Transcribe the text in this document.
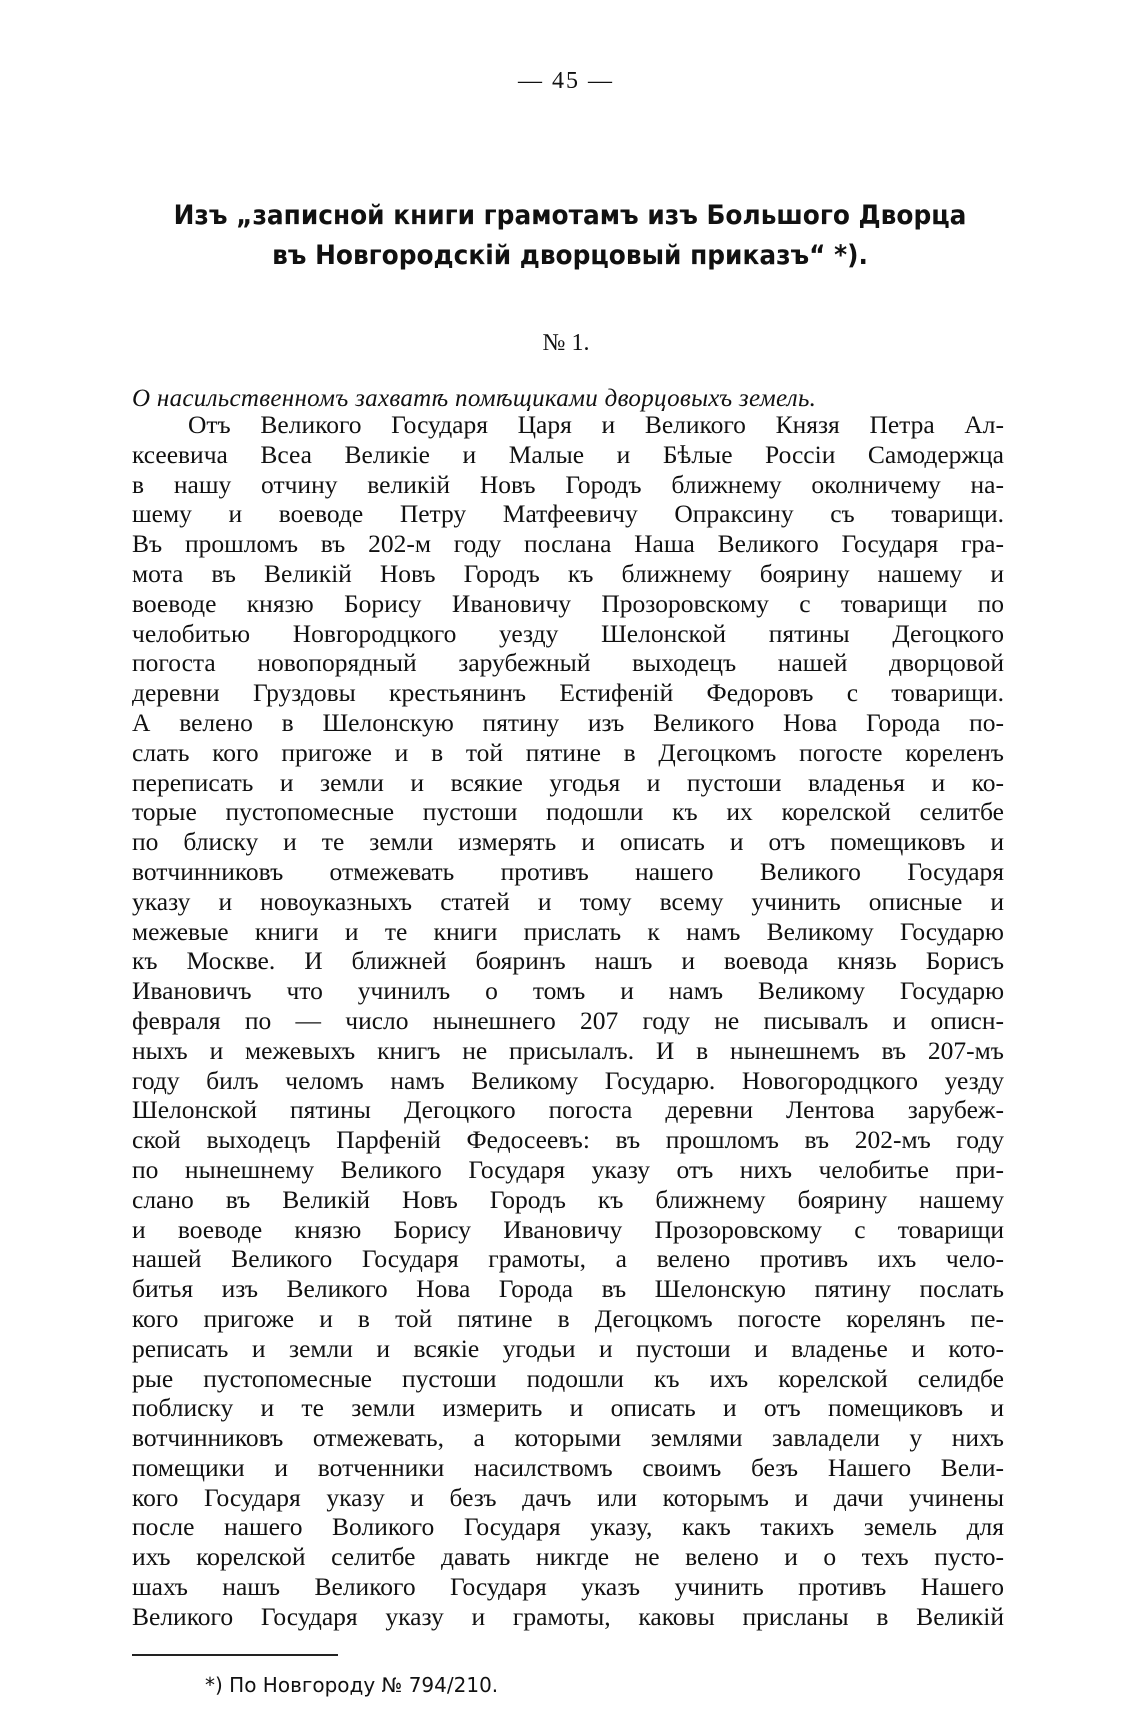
— 45 —
Изъ „записной книги грамотамъ изъ Большого Дворца въ Новгородскій дворцовый приказъ“ *).
№ 1.
О насильственномъ захватѣ помѣщиками дворцовыхъ земель.
Отъ Великого Государя Царя и Великого Князя Петра Ал-
ксеевича Всеа Великіе и Малые и Бѣлые Россіи Самодержца
в нашу отчину великій Новъ Городъ ближнему околничему на-
шему и воеводе Петру Матфеевичу Опраксину съ товарищи.
Въ прошломъ въ 202-м году послана Наша Великого Государя гра-
мота въ Великій Новъ Городъ къ ближнему боярину нашему и
воеводе князю Борису Ивановичу Прозоровскому с товарищи по
челобитью Новгородцкого уезду Шелонской пятины Дегоцкого
погоста новопорядный зарубежный выходецъ нашей дворцовой
деревни Груздовы крестьянинъ Естифеній Федоровъ с товарищи.
А велено в Шелонскую пятину изъ Великого Нова Города по-
слать кого пригоже и в той пятине в Дегоцкомъ погосте кореленъ
переписать и земли и всякие угодья и пустоши владенья и ко-
торые пустопомесные пустоши подошли къ их корелской селитбе
по блиску и те земли измерять и описать и отъ помещиковъ и
вотчинниковъ отмежевать противъ нашего Великого Государя
указу и новоуказныхъ статей и тому всему учинить описные и
межевые книги и те книги прислать к намъ Великому Государю
къ Москве. И ближней бояринъ нашъ и воевода князь Борисъ
Ивановичъ что учинилъ о томъ и намъ Великому Государю
февраля по — число нынешнего 207 году не писывалъ и описн-
ныхъ и межевыхъ книгъ не присылалъ. И в нынешнемъ въ 207-мъ
году билъ челомъ намъ Великому Государю. Новогородцкого уезду
Шелонской пятины Дегоцкого погоста деревни Лентова зарубеж-
ской выходецъ Парфеній Федосеевъ: въ прошломъ въ 202-мъ году
по нынешнему Великого Государя указу отъ нихъ челобитье при-
слано въ Великій Новъ Городъ къ ближнему боярину нашему
и воеводе князю Борису Ивановичу Прозоровскому с товарищи
нашей Великого Государя грамоты, а велено противъ ихъ чело-
битья изъ Великого Нова Города въ Шелонскую пятину послать
кого пригоже и в той пятине в Дегоцкомъ погосте корелянъ пе-
реписать и земли и всякіе угодьи и пустоши и владенье и кото-
рые пустопомесные пустоши подошли къ ихъ корелской селидбе
поблиску и те земли измерить и описать и отъ помещиковъ и
вотчинниковъ отмежевать, а которыми землями завладели у нихъ
помещики и вотченники насилствомъ своимъ безъ Нашего Вели-
кого Государя указу и безъ дачъ или которымъ и дачи учинены
после нашего Воликого Государя указу, какъ такихъ земель для
ихъ корелской селитбе давать никгде не велено и о техъ пусто-
шахъ нашъ Великого Государя указъ учинить противъ Нашего
Великого Государя указу и грамоты, каковы присланы в Великій
*) По Новгороду № 794/210.
